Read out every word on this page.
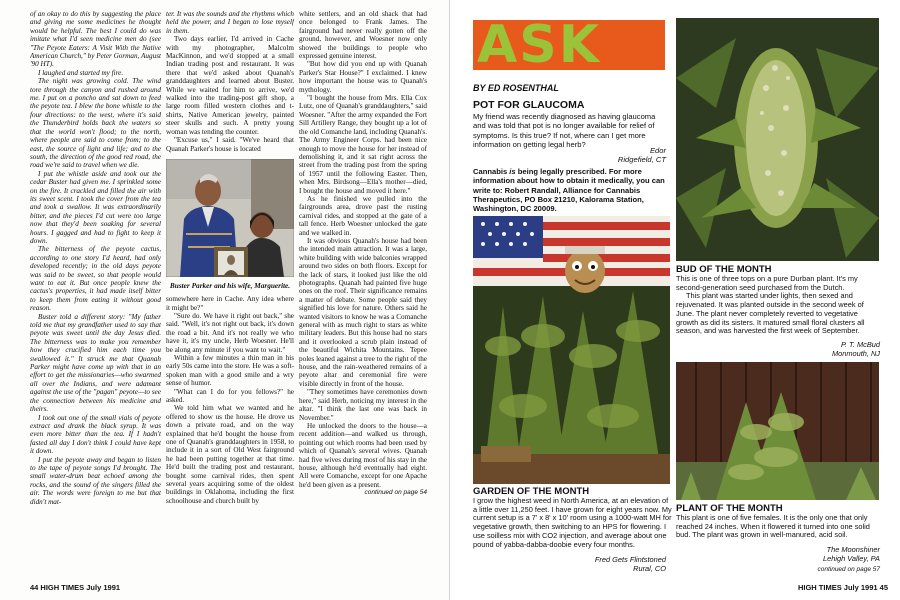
of an okay to do this by suggesting the place and giving me some medicines he thought would be helpful. The best I could do was imitate what I'd seen medicine men do (see "The Peyote Eaters: A Visit With the Native American Church," by Peter Gorman, August '90 HT).

I laughed and started my fire.

The night was growing cold. The wind tore through the canyon and rushed around me. I put on a poncho and sat down to feed the peyote tea. I blew the bone whistle to the four directions: to the west, where it's said the Thunderbird holds back the waters so that the world won't flood; to the north, where people are said to come from; to the east, the source of light and life; and to the south, the direction of the good red road, the road we're said to travel when we die.

I put the whistle aside and took out the cedar Buster had given me. I sprinkled some on the fire. It crackled and filled the air with its sweet scent. I took the cover from the tea and took a swallow. It was extraordinarily bitter, and the pieces I'd cut were too large now that they'd been soaking for several hours. I gagged and had to fight to keep it down.

The bitterness of the peyote cactus, according to one story I'd heard, had only developed recently; in the old days peyote was said to be sweet, so that people would want to eat it. But once people knew the cactus's properties, it had made itself bitter to keep them from eating it without good reason.

Buster told a different story: "My father told me that my grandfather used to say that peyote was sweet until the day Jesus died. The bitterness was to make you remember how they crucified him each time you swallowed it." It struck me that Quanah Parker might have come up with that in an effort to get the missionaries—who swarmed all over the Indians, and were adamant against the use of the "pagan" peyote—to see the connection between his medicine and theirs.

I took out one of the small vials of peyote extract and drank the black syrup. It was even more bitter than the tea. If I hadn't fasted all day I don't think I could have kept it down.

I put the peyote away and began to listen to the tape of peyote songs I'd brought. The small water-drum beat echoed among the rocks, and the sound of the singers filled the air. The words were foreign to me but that didn't mat-

ter. It was the sounds and the rhythms which held the power, and I began to lose myself in them.

Two days earlier, I'd arrived in Cache with my photographer, Malcolm MacKinnon, and we'd stopped at a small Indian trading post and restaurant. It was there that we'd asked about Quanah's granddaughters and learned about Buster. While we waited for him to arrive, we'd walked into the trading-post gift shop, a large room filled western clothes and t-shirts, Native American jewelry, painted steer skulls and such. A pretty young woman was tending the counter.

"Excuse us," I said. "We've heard that Quanah Parker's house is located

Buster Parker and his wife, Marguerite.

somewhere here in Cache. Any idea where it might be?"

"Sure do. We have it right out back," she said. "Well, it's not right out back, it's down the road a bit. And it's not really we who have it, it's my uncle, Herb Woesner. He'll be along any minute if you want to wait."

Within a few minutes a thin man in his early 50s came into the store. He was a soft-spoken man with a good smile and a wry sense of humor.

"What can I do for you fellows?" he asked.

We told him what we wanted and he offered to show us the house. He drove us down a private road, and on the way explained that he'd bought the house from one of Quanah's granddaughters in 1958, to include it in a sort of Old West fairground he had been putting together at that time. He'd built the trading post and restaurant, bought some carnival rides, then spent several years acquiring some of the oldest buildings in Oklahoma, including the first schoolhouse and church built by

white settlers, and an old shack that had once belonged to Frank James. The fairground had never really gotten off the ground, however, and Woesner now only showed the buildings to people who expressed genuine interest.

"But how did you end up with Quanah Parker's Star House?" I exclaimed. I knew how important the house was to Quanah's mythology.

"I bought the house from Mrs. Ella Cox Lutz, one of Quanah's granddaughters," said Woesner. "After the army expanded the Fort Sill Artillery Range, they bought up a lot of the old Comanche land, including Quanah's. The Army Engineer Corps. had been nice enough to move the house for her instead of demolishing it, and it sat right across the street from the trading post from the spring of 1957 until the following Easter. Then, when Mrs. Birdsong—Ella's mother—died, I bought the house and moved it here."

As he finished we pulled into the fairgrounds area, drove past the rusting carnival rides, and stopped at the gate of a tall fence. Herb Woesner unlocked the gate and we walked in.

It was obvious Quanah's house had been the intended main attraction. It was a large, white building with wide balconies wrapped around two sides on both floors. Except for the lack of stars, it looked just like the old photographs. Quanah had painted five huge ones on the roof. Their significance remains a matter of debate. Some people said they signified his love for nature. Others said he wanted visitors to know he was a Comanche general with as much right to stars as white military leaders. But this house had no stars and it overlooked a scrub plain instead of the beautiful Wichita Mountains. Tepee poles leaned against a tree to the right of the house, and the rain-weathered remains of a peyote altar and ceremonial fire were visible directly in front of the house.

"They sometimes have ceremonies down here," said Herb, noticing my interest in the altar. "I think the last one was back in November."

He unlocked the doors to the house—a recent addition—and walked us through, pointing out which rooms had been used by which of Quanah's several wives. Quanah had five wives during most of his stay in the house, although he'd eventually had eight. All were Comanche, except for one Apache he'd been given as a present.

continued on page 54
44 HIGH TIMES July 1991
ASK
BY ED ROSENTHAL
POT FOR GLAUCOMA
My friend was recently diagnosed as having glaucoma and was told that pot is no longer available for relief of symptoms. Is this true? If not, where can I get more information on getting legal herb?
Edor
Ridgefield, CT
Cannabis is being legally prescribed. For more information about how to obtain it medically, you can write to: Robert Randall, Alliance for Cannabis Therapeutics, PO Box 21210, Kalorama Station, Washington, DC 20009.
GARDEN OF THE MONTH
I grow the highest weed in North America, at an elevation of a little over 11,250 feet. I have grown for eight years now. My current setup is a 7' x 8' x 10' room using a 1000-watt MH for vegetative growth, then switching to an HPS for flowering. I use soilless mix with CO2 injection, and average about one pound of yabba-dabba-doobie every four months.
Fred Gets Flintstoned
Rural, CO
BUD OF THE MONTH
This is one of three tops on a pure Durban plant. It's my second-generation seed purchased from the Dutch.
This plant was started under lights, then sexed and rejuvenated. It was planted outside in the second week of June. The plant never completely reverted to vegetative growth as did its sisters. It matured small floral clusters all season, and was harvested the first week of September.
P. T. McBud
Monmouth, NJ
PLANT OF THE MONTH
This plant is one of five females. It is the only one that only reached 24 inches. When it flowered it turned into one solid bud. The plant was grown in well-manured, acid soil.
The Moonshiner
Lehigh Valley, PA
continued on page 57
HIGH TIMES July 1991 45
